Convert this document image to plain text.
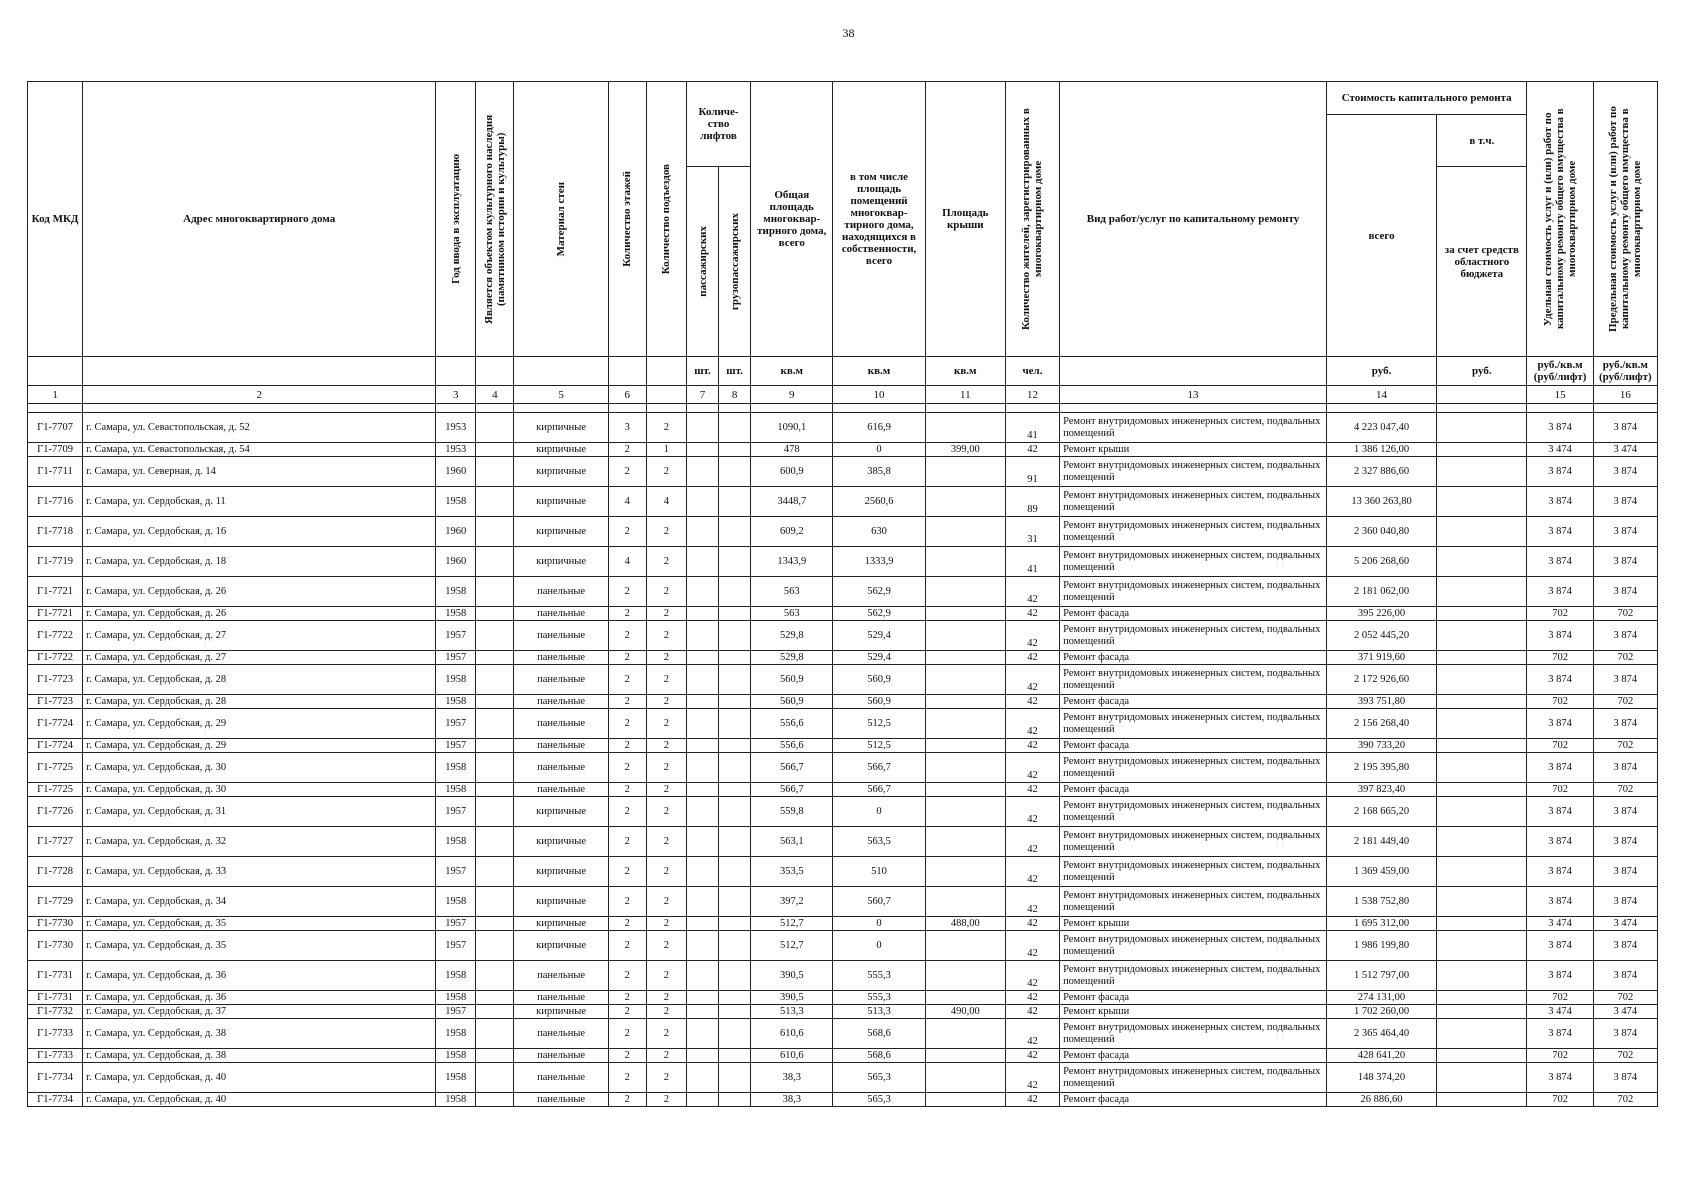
38
Код МКД	Адрес многоквартирного дома	Год ввода в эксплуатацию	Является объектом культурного наследия (памятником истории и культуры)	Материал стен	Количество этажей	Количество подъездов	Количе-ство лифтов		Общая площадь многоквар-тирного дома, всего	в том числе площадь помещений многоквар-тирного дома, находящихся в собственности, всего	Площадь крыши	Количество жителей, зарегистрированных в многоквартирном доме	Вид работ/услуг по капитальному ремонту	Стоимость капитального ремонта		Удельная стоимость услуг и (или) работ по капитальному ремонту общего имущества в многоквартирном доме	Предельная стоимость услуг и (или) работ по капитальному ремонту общего имущества в многоквартирном доме

														всего	в т.ч.		

							пассажирских	грузопассажирских							за счет средств областного бюджета		

							шт.	шт.	кв.м	кв.м	кв.м	чел.		руб.	руб.	руб./кв.м (руб/лифт)	руб./кв.м (руб/лифт)
1	2	3	4	5	6		7	8	9	10	11	12	13	14		15	16

Г1-7707	г. Самара, ул. Севастопольская, д. 52	1953		кирпичные	3	2			1090,1	616,9		41	Ремонт внутридомовых инженерных систем, подвальных помещений	4 223 047,40		3 874	3 874
Г1-7709	г. Самара, ул. Севастопольская, д. 54	1953		кирпичные	2	1			478	0	399,00	42	Ремонт крыши	1 386 126,00		3 474	3 474
Г1-7711	г. Самара, ул. Северная, д. 14	1960		кирпичные	2	2			600,9	385,8		91	Ремонт внутридомовых инженерных систем, подвальных помещений	2 327 886,60		3 874	3 874
Г1-7716	г. Самара, ул. Сердобская, д. 11	1958		кирпичные	4	4			3448,7	2560,6		89	Ремонт внутридомовых инженерных систем, подвальных помещений	13 360 263,80		3 874	3 874
Г1-7718	г. Самара, ул. Сердобская, д. 16	1960		кирпичные	2	2			609,2	630		31	Ремонт внутридомовых инженерных систем, подвальных помещений	2 360 040,80		3 874	3 874
Г1-7719	г. Самара, ул. Сердобская, д. 18	1960		кирпичные	4	2			1343,9	1333,9		41	Ремонт внутридомовых инженерных систем, подвальных помещений	5 206 268,60		3 874	3 874
Г1-7721	г. Самара, ул. Сердобская, д. 26	1958		панельные	2	2			563	562,9		42	Ремонт внутридомовых инженерных систем, подвальных помещений	2 181 062,00		3 874	3 874
Г1-7721	г. Самара, ул. Сердобская, д. 26	1958		панельные	2	2			563	562,9		42	Ремонт фасада	395 226,00		702	702
Г1-7722	г. Самара, ул. Сердобская, д. 27	1957		панельные	2	2			529,8	529,4		42	Ремонт внутридомовых инженерных систем, подвальных помещений	2 052 445,20		3 874	3 874
Г1-7722	г. Самара, ул. Сердобская, д. 27	1957		панельные	2	2			529,8	529,4		42	Ремонт фасада	371 919,60		702	702
Г1-7723	г. Самара, ул. Сердобская, д. 28	1958		панельные	2	2			560,9	560,9		42	Ремонт внутридомовых инженерных систем, подвальных помещений	2 172 926,60		3 874	3 874
Г1-7723	г. Самара, ул. Сердобская, д. 28	1958		панельные	2	2			560,9	560,9		42	Ремонт фасада	393 751,80		702	702
Г1-7724	г. Самара, ул. Сердобская, д. 29	1957		панельные	2	2			556,6	512,5		42	Ремонт внутридомовых инженерных систем, подвальных помещений	2 156 268,40		3 874	3 874
Г1-7724	г. Самара, ул. Сердобская, д. 29	1957		панельные	2	2			556,6	512,5		42	Ремонт фасада	390 733,20		702	702
Г1-7725	г. Самара, ул. Сердобская, д. 30	1958		панельные	2	2			566,7	566,7		42	Ремонт внутридомовых инженерных систем, подвальных помещений	2 195 395,80		3 874	3 874
Г1-7725	г. Самара, ул. Сердобская, д. 30	1958		панельные	2	2			566,7	566,7		42	Ремонт фасада	397 823,40		702	702
Г1-7726	г. Самара, ул. Сердобская, д. 31	1957		кирпичные	2	2			559,8	0		42	Ремонт внутридомовых инженерных систем, подвальных помещений	2 168 665,20		3 874	3 874
Г1-7727	г. Самара, ул. Сердобская, д. 32	1958		кирпичные	2	2			563,1	563,5		42	Ремонт внутридомовых инженерных систем, подвальных помещений	2 181 449,40		3 874	3 874
Г1-7728	г. Самара, ул. Сердобская, д. 33	1957		кирпичные	2	2			353,5	510		42	Ремонт внутридомовых инженерных систем, подвальных помещений	1 369 459,00		3 874	3 874
Г1-7729	г. Самара, ул. Сердобская, д. 34	1958		кирпичные	2	2			397,2	560,7		42	Ремонт внутридомовых инженерных систем, подвальных помещений	1 538 752,80		3 874	3 874
Г1-7730	г. Самара, ул. Сердобская, д. 35	1957		кирпичные	2	2			512,7	0	488,00	42	Ремонт крыши	1 695 312,00		3 474	3 474
Г1-7730	г. Самара, ул. Сердобская, д. 35	1957		кирпичные	2	2			512,7	0		42	Ремонт внутридомовых инженерных систем, подвальных помещений	1 986 199,80		3 874	3 874
Г1-7731	г. Самара, ул. Сердобская, д. 36	1958		панельные	2	2			390,5	555,3		42	Ремонт внутридомовых инженерных систем, подвальных помещений	1 512 797,00		3 874	3 874
Г1-7731	г. Самара, ул. Сердобская, д. 36	1958		панельные	2	2			390,5	555,3		42	Ремонт фасада	274 131,00		702	702
Г1-7732	г. Самара, ул. Сердобская, д. 37	1957		кирпичные	2	2			513,3	513,3	490,00	42	Ремонт крыши	1 702 260,00		3 474	3 474
Г1-7733	г. Самара, ул. Сердобская, д. 38	1958		панельные	2	2			610,6	568,6		42	Ремонт внутридомовых инженерных систем, подвальных помещений	2 365 464,40		3 874	3 874
Г1-7733	г. Самара, ул. Сердобская, д. 38	1958		панельные	2	2			610,6	568,6		42	Ремонт фасада	428 641,20		702	702
Г1-7734	г. Самара, ул. Сердобская, д. 40	1958		панельные	2	2			38,3	565,3		42	Ремонт внутридомовых инженерных систем, подвальных помещений	148 374,20		3 874	3 874
Г1-7734	г. Самара, ул. Сердобская, д. 40	1958		панельные	2	2			38,3	565,3		42	Ремонт фасада	26 886,60		702	702
